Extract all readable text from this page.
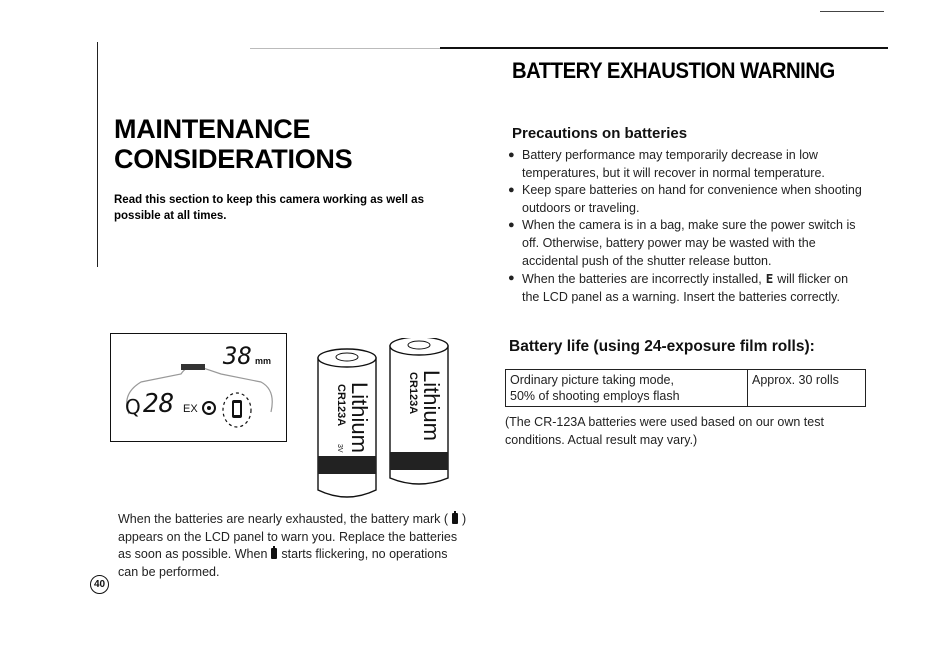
MAINTENANCE
CONSIDERATIONS

Read this section to keep this camera working as well as possible at all times.

38 mm
Q 28 EX	CR123A Lithium
CR123A Lithium
3V

When the batteries are nearly exhausted, the battery mark ( ) appears on the LCD panel to warn you. Replace the batteries as soon as possible. When starts flickering, no operations can be performed.

40
BATTERY EXHAUSTION WARNING
Precautions on batteries
● Battery performance may temporarily decrease in low temperatures, but it will recover in normal temperature.
● Keep spare batteries on hand for convenience when shooting outdoors or traveling.
● When the camera is in a bag, make sure the power switch is off. Otherwise, battery power may be wasted with the accidental push of the shutter release button.
● When the batteries are incorrectly installed, E will flicker on the LCD panel as a warning. Insert the batteries correctly.
Battery life (using 24-exposure film rolls):
Ordinary picture taking mode,
50% of shooting employs flash	Approx. 30 rolls

(The CR-123A batteries were used based on our own test conditions. Actual result may vary.)
